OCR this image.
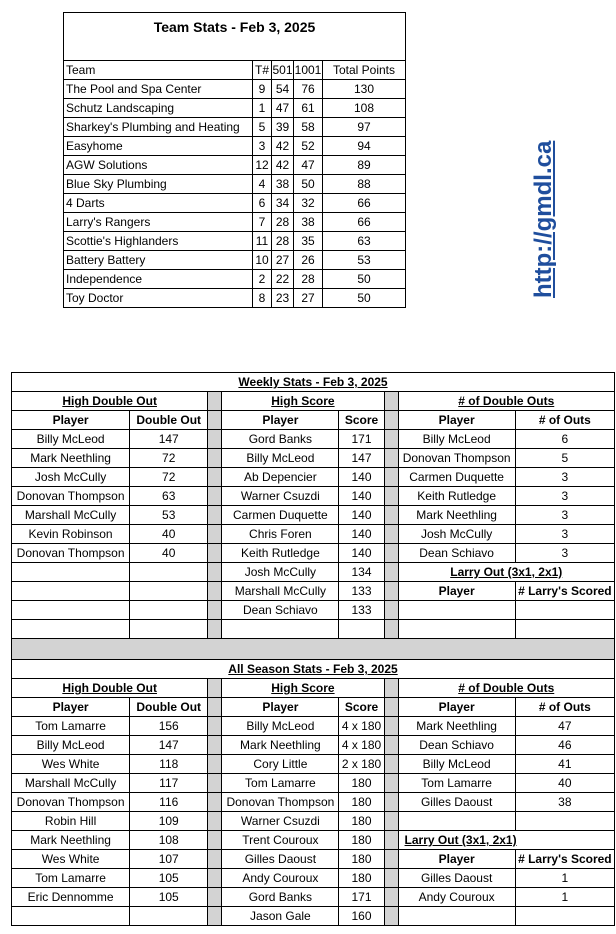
Team Stats - Feb 3, 2025				
Team	T#	501	1001	Total Points
The Pool and Spa Center	9	54	76	130
Schutz Landscaping	1	47	61	108
Sharkey's Plumbing and Heating	5	39	58	97
Easyhome	3	42	52	94
AGW Solutions	12	42	47	89
Blue Sky Plumbing	4	38	50	88
4 Darts	6	34	32	66
Larry's Rangers	7	28	38	66
Scottie's Highlanders	11	28	35	63
Battery Battery	10	27	26	53
Independence	2	22	28	50
Toy Doctor	8	23	27	50	http://gmdl.ca
Weekly Stats - Feb 3, 2025							
High Double Out			High Score			# of Double Outs	
Player	Double Out		Player	Score		Player	# of Outs
Billy McLeod	147		Gord Banks	171		Billy McLeod	6
Mark Neethling	72		Billy McLeod	147		Donovan Thompson	5
Josh McCully	72		Ab Depencier	140		Carmen Duquette	3
Donovan Thompson	63		Warner Csuzdi	140		Keith Rutledge	3
Marshall McCully	53		Carmen Duquette	140		Mark Neethling	3
Kevin Robinson	40		Chris Foren	140		Josh McCully	3
Donovan Thompson	40		Keith Rutledge	140		Dean Schiavo	3
			Josh McCully	134		Larry Out (3x1, 2x1)	
			Marshall McCully	133		Player	# Larry's Scored
			Dean Schiavo	133			

All Season Stats - Feb 3, 2025							
High Double Out			High Score			# of Double Outs	
Player	Double Out		Player	Score		Player	# of Outs
Tom Lamarre	156		Billy McLeod	4 x 180		Mark Neethling	47
Billy McLeod	147		Mark Neethling	4 x 180		Dean Schiavo	46
Wes White	118		Cory Little	2 x 180		Billy McLeod	41
Marshall McCully	117		Tom Lamarre	180		Tom Lamarre	40
Donovan Thompson	116		Donovan Thompson	180		Gilles Daoust	38
Robin Hill	109		Warner Csuzdi	180			
Mark Neethling	108		Trent Couroux	180		Larry Out (3x1, 2x1)	
Wes White	107		Gilles Daoust	180		Player	# Larry's Scored
Tom Lamarre	105		Andy Couroux	180		Gilles Daoust	1
Eric Dennomme	105		Gord Banks	171		Andy Couroux	1
			Jason Gale	160			
